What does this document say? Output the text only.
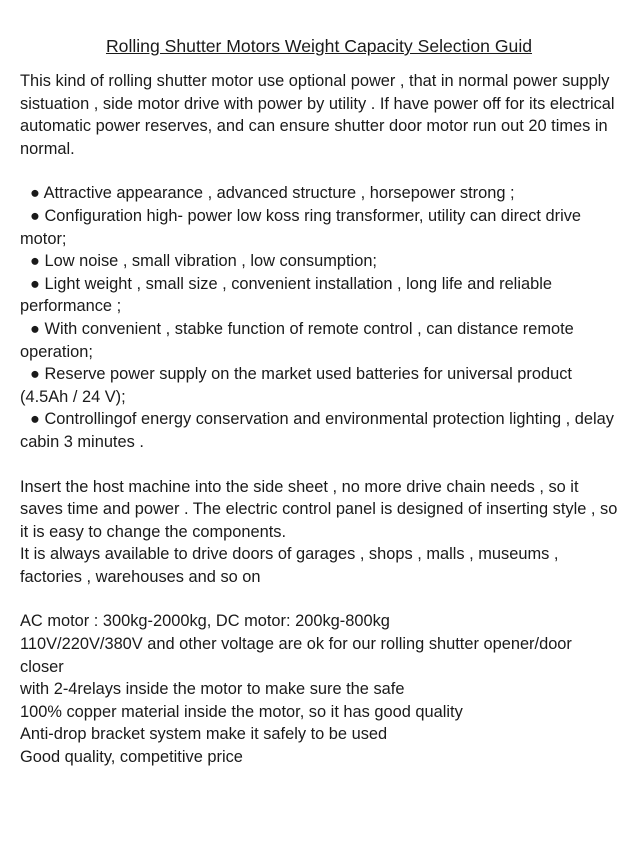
Rolling Shutter Motors Weight Capacity Selection Guid

This kind of rolling shutter motor use optional power , that in normal power supply sistuation , side motor drive with power by utility . If have power off for its electrical automatic power reserves, and can ensure shutter door motor run out 20 times in normal.

● Attractive appearance , advanced structure , horsepower strong ;
● Configuration high- power low koss ring transformer, utility can direct drive motor;
● Low noise , small vibration , low consumption;
● Light weight , small size , convenient installation , long life and reliable performance ;
● With convenient , stabke function of remote control , can distance remote operation;
● Reserve power supply on the market used batteries for universal product (4.5Ah / 24 V);
● Controllingof energy conservation and environmental protection lighting , delay cabin 3 minutes .

Insert the host machine into the side sheet , no more drive chain needs , so it saves time and power . The electric control panel is designed of inserting style , so it is easy to change the components.

It is always available to drive doors of garages , shops , malls , museums , factories , warehouses and so on

AC motor : 300kg-2000kg, DC motor: 200kg-800kg
110V/220V/380V and other voltage are ok for our rolling shutter opener/door closer
with 2-4relays inside the motor to make sure the safe
100% copper material inside the motor, so it has good quality
Anti-drop bracket system make it safely to be used
Good quality, competitive price
